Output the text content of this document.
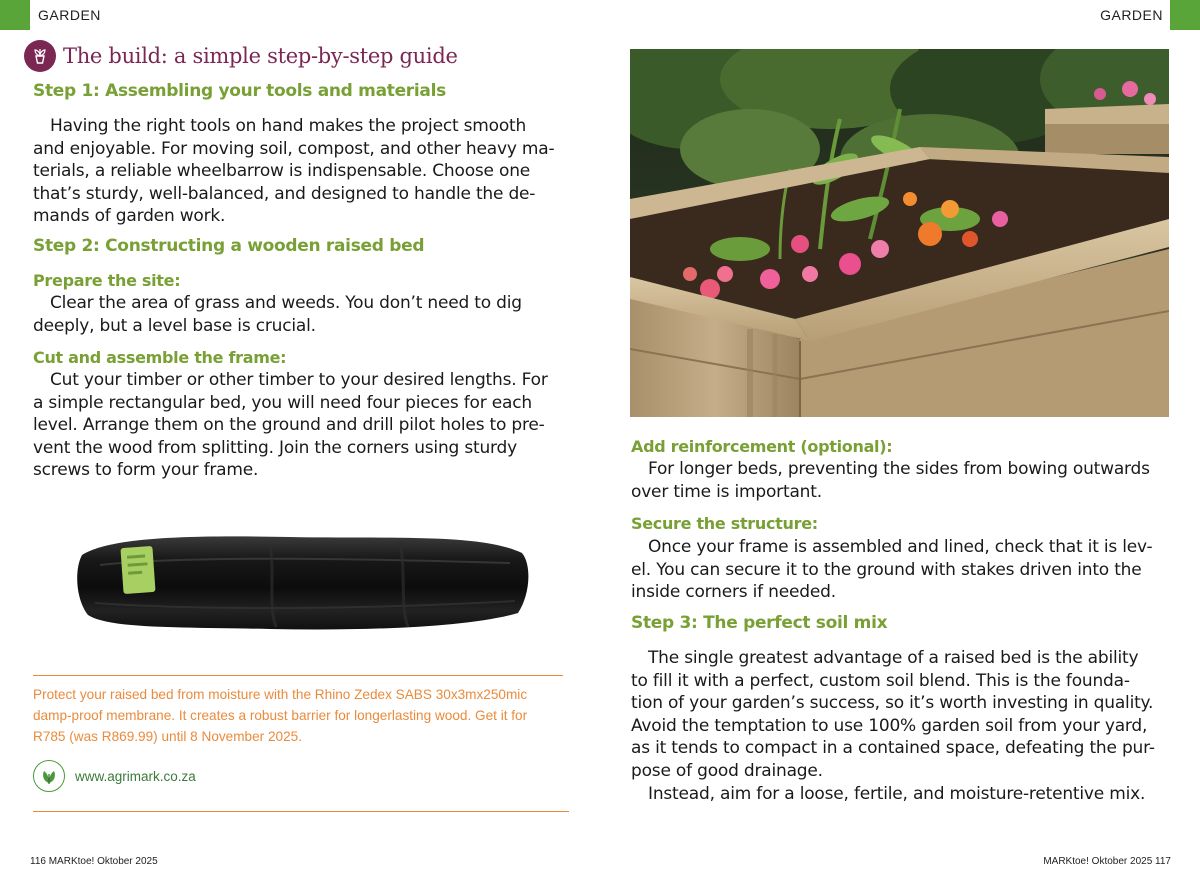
GARDEN
The build: a simple step-by-step guide
Step 1: Assembling your tools and materials

Having the right tools on hand makes the project smooth

and enjoyable. For moving soil, compost, and other heavy ma-
terials, a reliable wheelbarrow is indispensable. Choose one
that’s sturdy, well-balanced, and designed to handle the de-
mands of garden work.
Step 2: Constructing a wooden raised bed
Prepare the site:

Clear the area of grass and weeds. You don’t need to dig

deeply, but a level base is crucial.
Cut and assemble the frame:

Cut your timber or other timber to your desired lengths. For

a simple rectangular bed, you will need four pieces for each
level. Arrange them on the ground and drill pilot holes to pre-
vent the wood from splitting. Join the corners using sturdy
screws to form your frame.
Protect your raised bed from moisture with the Rhino Zedex SABS 30x3mx250mic
damp-proof membrane. It creates a robust barrier for longerlasting wood. Get it for
R785 (was R869.99) until 8 November 2025.
www.agrimark.co.za
116 MARKtoe! Oktober 2025
GARDEN
Add reinforcement (optional):

For longer beds, preventing the sides from bowing outwards

over time is important.
Secure the structure:

Once your frame is assembled and lined, check that it is lev-

el. You can secure it to the ground with stakes driven into the
inside corners if needed.
Step 3: The perfect soil mix

The single greatest advantage of a raised bed is the ability

to fill it with a perfect, custom soil blend. This is the founda-
tion of your garden’s success, so it’s worth investing in quality.
Avoid the temptation to use 100% garden soil from your yard,
as it tends to compact in a contained space, defeating the pur-
pose of good drainage.

Instead, aim for a loose, fertile, and moisture-retentive mix.

MARKtoe! Oktober 2025 117
